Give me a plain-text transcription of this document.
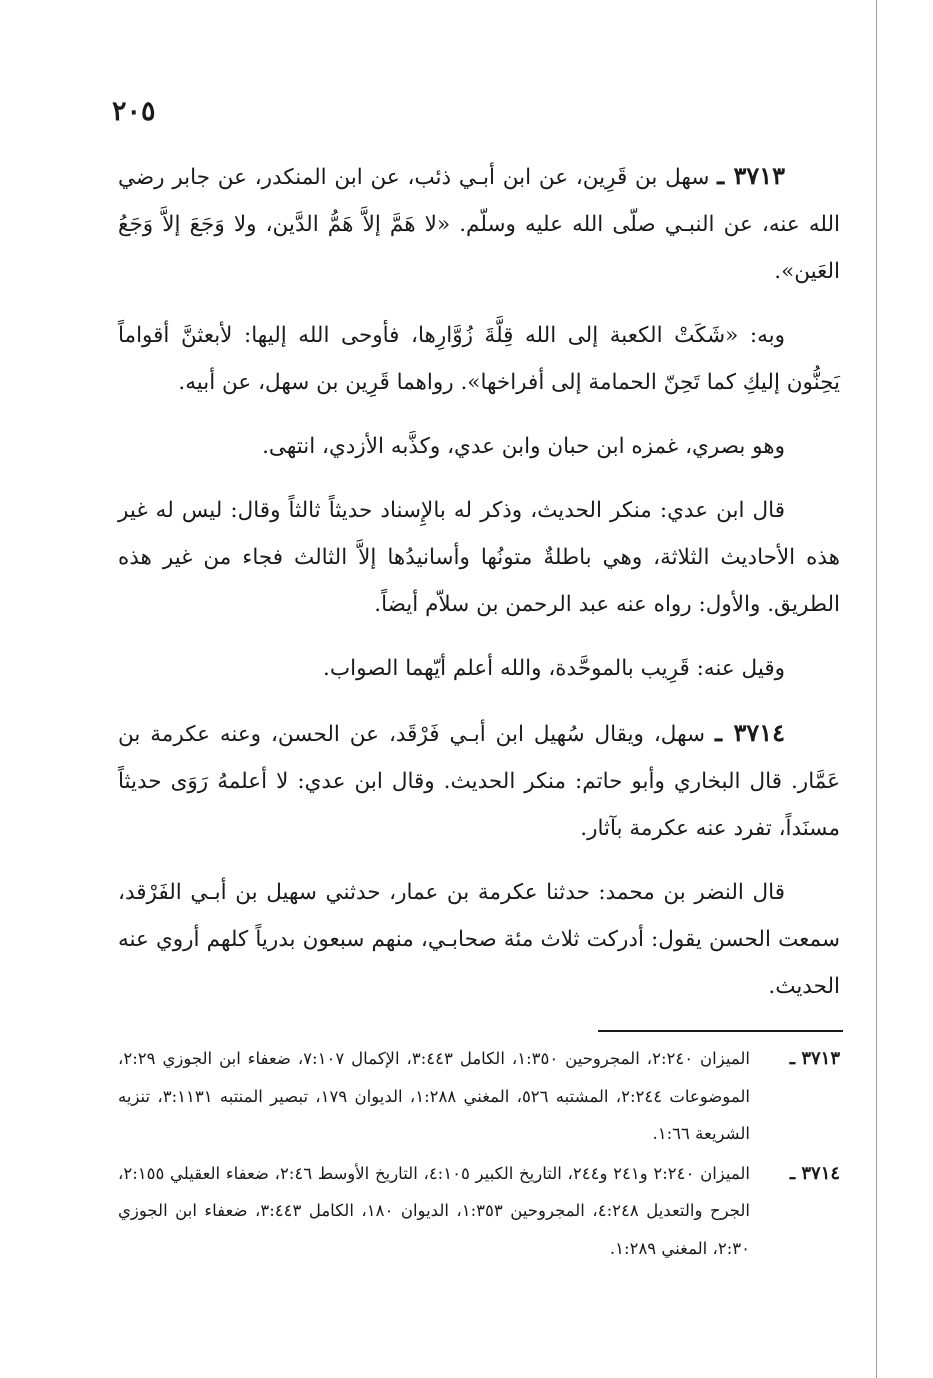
٢٠٥

٣٧١٣ ـ سهل بن قَرِين، عن ابن أبـي ذئب، عن ابن المنكدر، عن جابر رضي الله عنه، عن النبـي صلّى الله عليه وسلّم. «لا هَمَّ إلاَّ هَمُّ الدَّين، ولا وَجَعَ إلاَّ وَجَعُ العَين».

وبه: «شَكَتْ الكعبة إلى الله قِلَّةَ زُوَّارِها، فأوحى الله إليها: لأبعثنَّ أقواماً يَحِنُّون إليكِ كما تَحِنّ الحمامة إلى أفراخها». رواهما قَرِين بن سهل، عن أبيه.

وهو بصري، غمزه ابن حبان وابن عدي، وكذَّبه الأزدي، انتهى.

قال ابن عدي: منكر الحديث، وذكر له بالإِسناد حديثاً ثالثاً وقال: ليس له غير هذه الأحاديث الثلاثة، وهي باطلةٌ متونُها وأسانيدُها إلاَّ الثالث فجاء من غير هذه الطريق. والأول: رواه عنه عبد الرحمن بن سلاّم أيضاً.

وقيل عنه: قَرِيب بالموحَّدة، والله أعلم أيّهما الصواب.

٣٧١٤ ـ سهل، ويقال سُهيل ابن أبـي فَرْقَد، عن الحسن، وعنه عكرمة بن عَمَّار. قال البخاري وأبو حاتم: منكر الحديث. وقال ابن عدي: لا أعلمهُ رَوَى حديثاً مسنَداً، تفرد عنه عكرمة بآثار.

قال النضر بن محمد: حدثنا عكرمة بن عمار، حدثني سهيل بن أبـي الفَرْقد، سمعت الحسن يقول: أدركت ثلاث مئة صحابـي، منهم سبعون بدرياً كلهم أروي عنه الحديث.

٣٧١٣ ـالميزان ٢:٢٤٠، المجروحين ١:٣٥٠، الكامل ٣:٤٤٣، الإكمال ٧:١٠٧، ضعفاء ابن الجوزي ٢:٢٩، الموضوعات ٢:٢٤٤، المشتبه ٥٢٦، المغني ١:٢٨٨، الديوان ١٧٩، تبصير المنتبه ٣:١١٣١، تنزيه الشريعة ١:٦٦.

٣٧١٤ ـالميزان ٢:٢٤٠ و٢٤١ و٢٤٤، التاريخ الكبير ٤:١٠٥، التاريخ الأوسط ٢:٤٦، ضعفاء العقيلي ٢:١٥٥، الجرح والتعديل ٤:٢٤٨، المجروحين ١:٣٥٣، الديوان ١٨٠، الكامل ٣:٤٤٣، ضعفاء ابن الجوزي ٢:٣٠، المغني ١:٢٨٩.
